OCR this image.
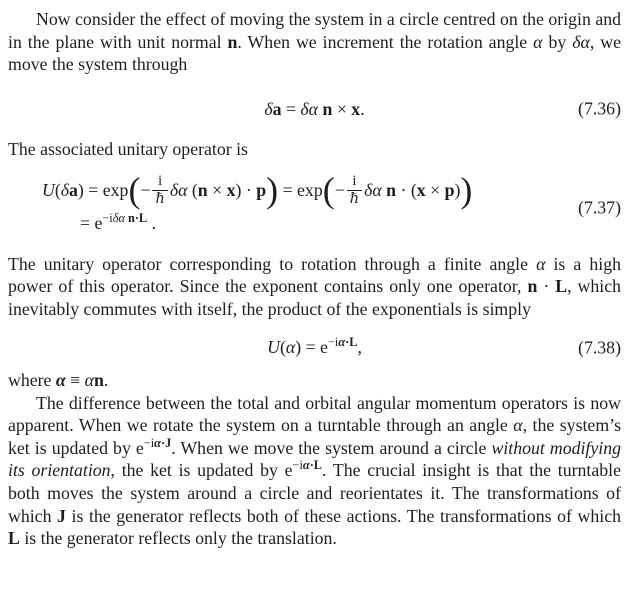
Now consider the effect of moving the system in a circle centred on the origin and in the plane with unit normal n. When we increment the rotation angle α by δα, we move the system through

δa = δα n × x.	(7.36)

The associated unitary operator is

$U(\delta a) = \exp(- \frac{i}{\text{ℏ}}$ δα $(n \times x) \cdot p) = \exp(- \frac{i}{\text{ℏ}}$ δα n · (x × p))
= $e^{-i\delta\alpha}$ $^{n\cdot L}$ .
(7.37)

The unitary operator corresponding to rotation through a finite angle α is a high power of this operator. Since the exponent contains only one operator, n · L, which inevitably commutes with itself, the product of the exponentials is simply

$U(\alpha) = e^{-i\alpha\cdot L}$,	(7.38)

where α ≡ αn.

The difference between the total and orbital angular momentum operators is now apparent. When we rotate the system on a turntable through an angle α, the system’s ket is updated by $e^{-i\alpha\cdot J}$. When we move the system around a circle without modifying its orientation, the ket is updated by $e^{-i\alpha\cdot L}$. The crucial insight is that the turntable both moves the system around a circle and reorientates it. The transformations of which J is the generator reflects both of these actions. The transformations of which L is the generator reflects only the translation.
